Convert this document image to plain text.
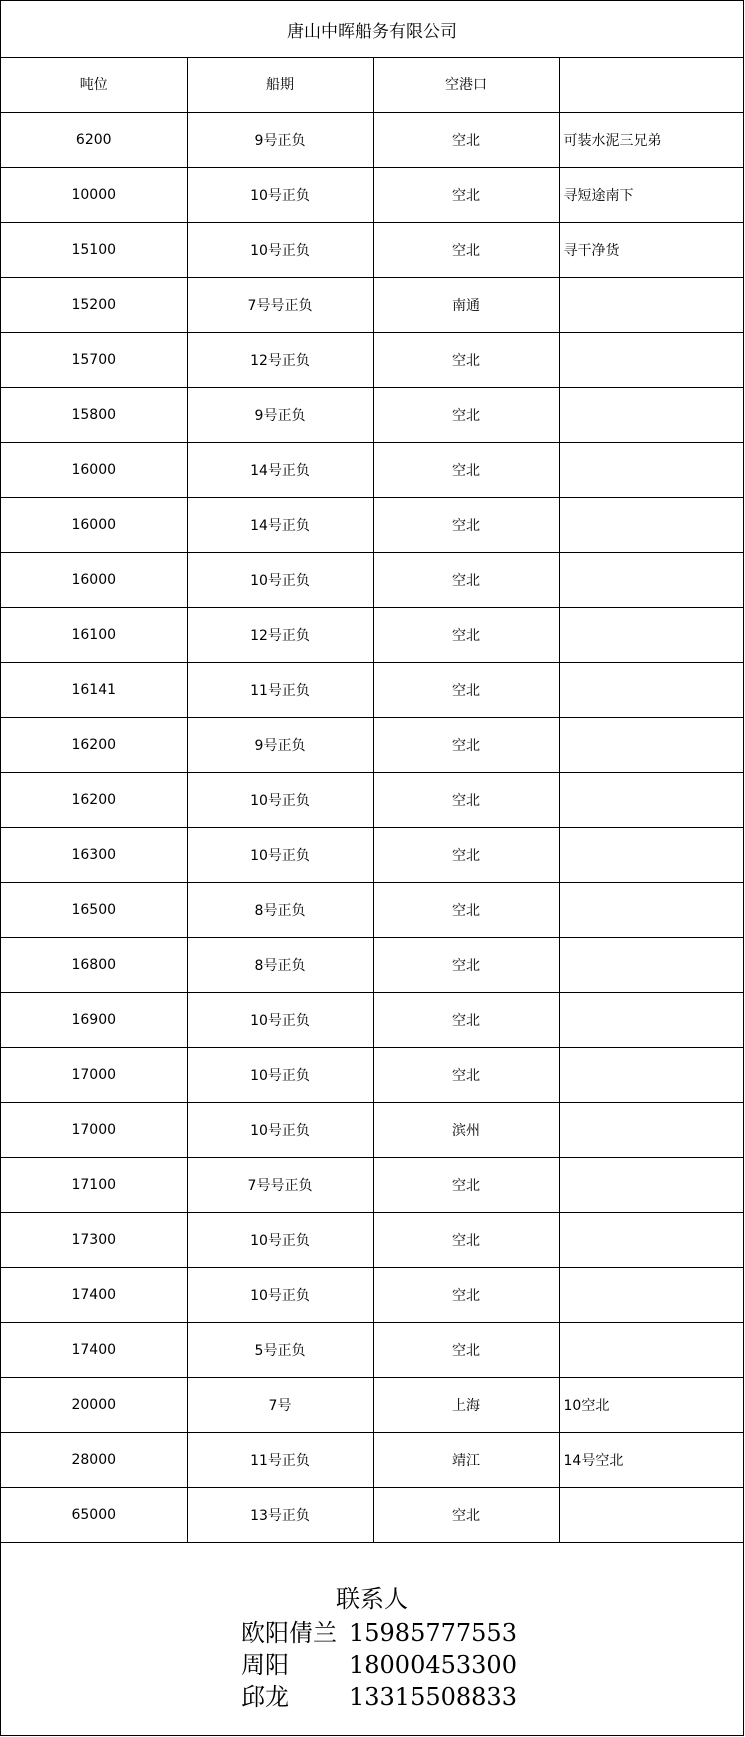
唐山中晖船务有限公司
吨位	船期	空港口	
6200	9号正负	空北	可装水泥三兄弟
10000	10号正负	空北	寻短途南下
15100	10号正负	空北	寻干净货
15200	7号号正负	南通	
15700	12号正负	空北	
15800	9号正负	空北	
16000	14号正负	空北	
16000	14号正负	空北	
16000	10号正负	空北	
16100	12号正负	空北	
16141	11号正负	空北	
16200	9号正负	空北	
16200	10号正负	空北	
16300	10号正负	空北	
16500	8号正负	空北	
16800	8号正负	空北	
16900	10号正负	空北	
17000	10号正负	空北	
17000	10号正负	滨州	
17100	7号号正负	空北	
17300	10号正负	空北	
17400	10号正负	空北	
17400	5号正负	空北	
20000	7号	上海	10空北
28000	11号正负	靖江	14号空北
65000	13号正负	空北	
联系人
欧阳倩兰 15985777553
周阳	18000453300
邱龙	13315508833
